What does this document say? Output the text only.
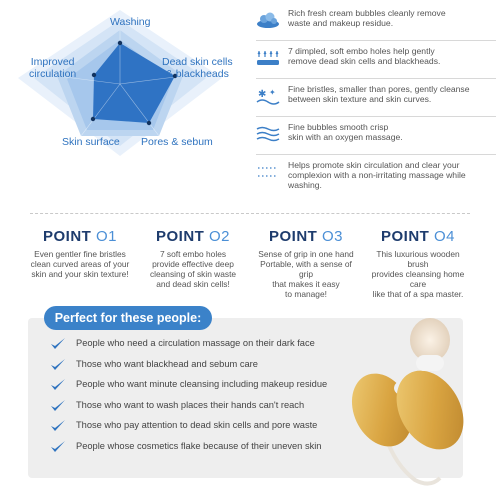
Washing
Improved
circulation
Dead skin cells
& blackheads
Skin surface Pores & sebum
Rich fresh cream bubbles cleanly remove
waste and makeup residue.
7 dimpled, soft embo holes help gently
remove dead skin cells and blackheads.
✱ ✦ Fine bristles, smaller than pores, gently cleanse
between skin texture and skin curves.
Fine bubbles smooth crisp
skin with an oxygen massage.
Helps promote skin circulation and clear your
complexion with a non-irritating massage while washing.
POINT O1
Even gentler fine bristles
clean curved areas of your
skin and your skin texture!
POINT O2
7 soft embo holes
provide effective deep
cleansing of skin waste
and dead skin cells!
POINT O3
Sense of grip in one hand
Portable, with a sense of grip
that makes it easy
to manage!
POINT O4
This luxurious wooden brush
provides cleansing home care
like that of a spa master.
Perfect for these people:
People who need a circulation massage on their dark face
Those who want blackhead and sebum care
People who want minute cleansing including makeup residue
Those who want to wash places their hands can't reach
Those who pay attention to dead skin cells and pore waste
People whose cosmetics flake because of their uneven skin
